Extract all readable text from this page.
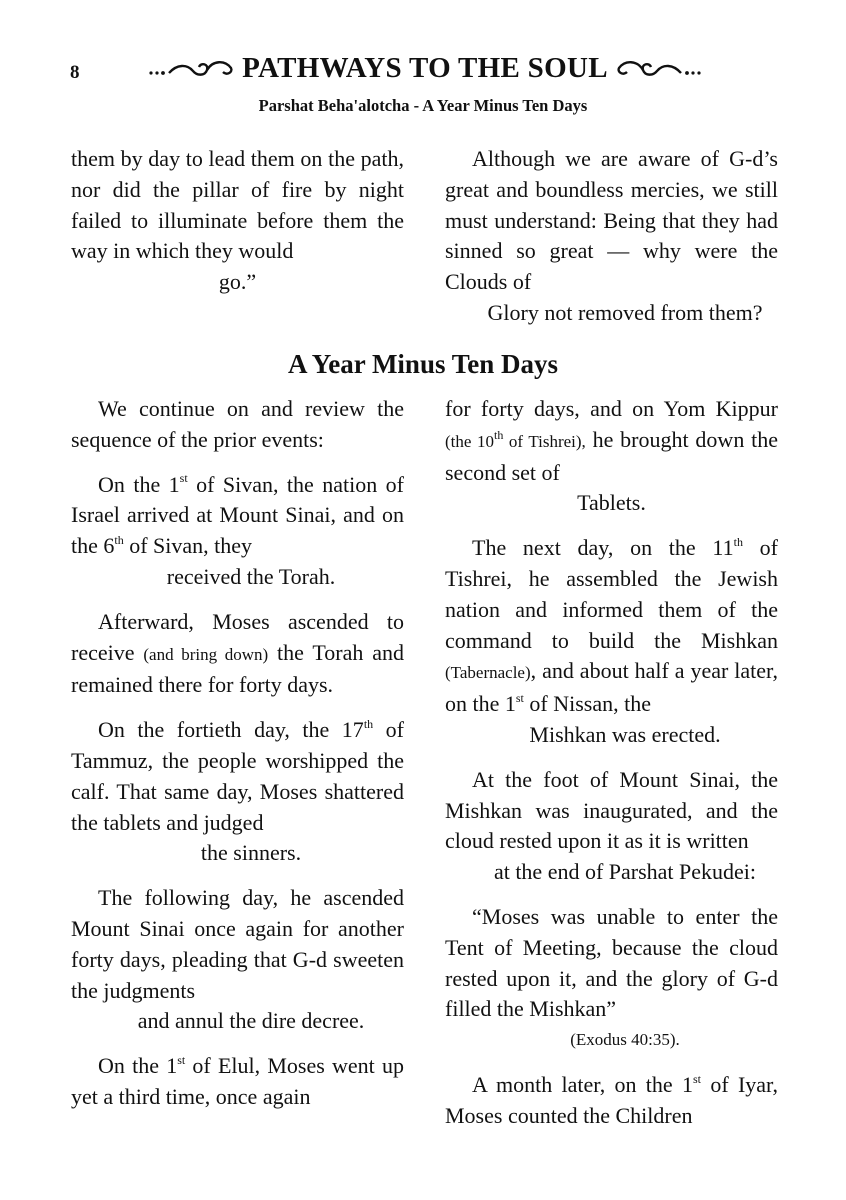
8	PATHWAYS TO THE SOUL
Parshat Beha'alotcha - A Year Minus Ten Days

them by day to lead them on the path, nor did the pillar of fire by night failed to illuminate before them the way in which they would
go.”

Although we are aware of G-d’s great and boundless mercies, we still must understand: Being that they had sinned so great — why were the Clouds of
Glory not removed from them?

A Year Minus Ten Days

We continue on and review the sequence of the prior events:

On the 1st of Sivan, the nation of Israel arrived at Mount Sinai, and on the 6th of Sivan, they
received the Torah.

Afterward, Moses ascended to receive (and bring down) the Torah and remained there for forty days.

On the fortieth day, the 17th of Tammuz, the people worshipped the calf. That same day, Moses shattered the tablets and judged
the sinners.

The following day, he ascended Mount Sinai once again for another forty days, pleading that G-d sweeten the judgments
and annul the dire decree.

On the 1st of Elul, Moses went up yet a third time, once again

for forty days, and on Yom Kippur (the 10th of Tishrei), he brought down the second set of
Tablets.

The next day, on the 11th of Tishrei, he assembled the Jewish nation and informed them of the command to build the Mishkan (Tabernacle), and about half a year later, on the 1st of Nissan, the
Mishkan was erected.

At the foot of Mount Sinai, the Mishkan was inaugurated, and the cloud rested upon it as it is written
at the end of Parshat Pekudei:

“Moses was unable to enter the Tent of Meeting, because the cloud rested upon it, and the glory of G-d filled the Mishkan”
(Exodus 40:35).

A month later, on the 1st of Iyar, Moses counted the Children
